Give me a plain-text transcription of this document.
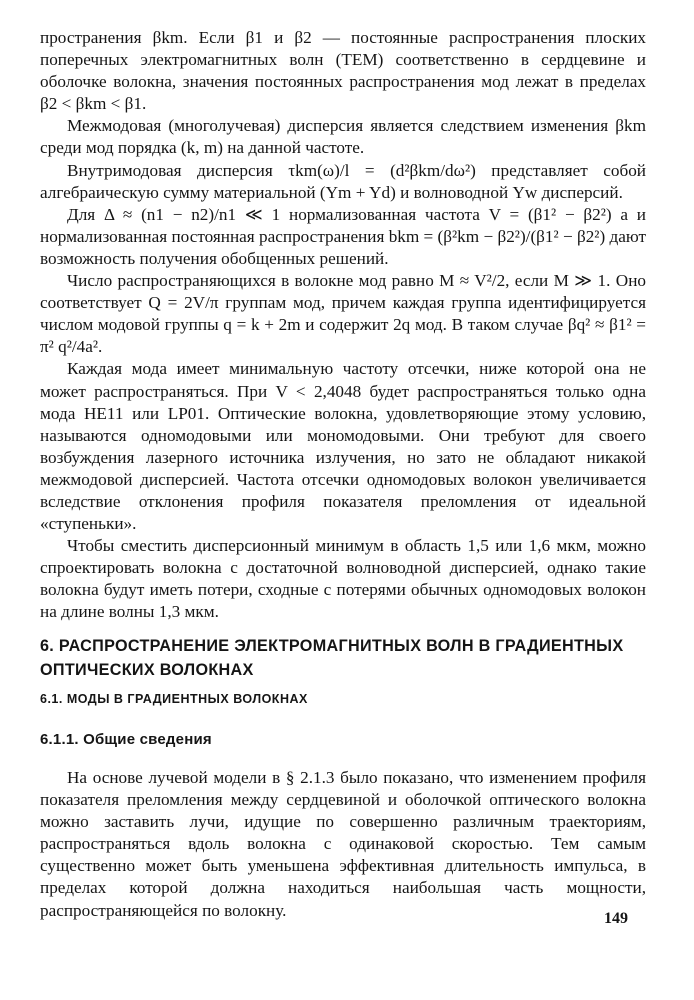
пространения βkm. Если β1 и β2 — постоянные распространения плоских поперечных электромагнитных волн (TEM) соответственно в сердцевине и оболочке волокна, значения постоянных распространения мод лежат в пределах β2 < βkm < β1.

Межмодовая (многолучевая) дисперсия является следствием изменения βkm среди мод порядка (k, m) на данной частоте.

Внутримодовая дисперсия τkm(ω)/l = (d²βkm/dω²) представляет собой алгебраическую сумму материальной (Ym + Yd) и волноводной Yw дисперсий.

Для Δ ≈ (n1 − n2)/n1 ≪ 1 нормализованная частота V = (β1² − β2²) a и нормализованная постоянная распространения bkm = (β²km − β2²)/(β1² − β2²) дают возможность получения обобщенных решений.

Число распространяющихся в волокне мод равно M ≈ V²/2, если M ≫ 1. Оно соответствует Q = 2V/π группам мод, причем каждая группа идентифицируется числом модовой группы q = k + 2m и содержит 2q мод. В таком случае βq² ≈ β1² = π² q²/4a².

Каждая мода имеет минимальную частоту отсечки, ниже которой она не может распространяться. При V < 2,4048 будет распространяться только одна мода HE11 или LP01. Оптические волокна, удовлетворяющие этому условию, называются одномодовыми или мономодовыми. Они требуют для своего возбуждения лазерного источника излучения, но зато не обладают никакой межмодовой дисперсией. Частота отсечки одномодовых волокон увеличивается вследствие отклонения профиля показателя преломления от идеальной «ступеньки».

Чтобы сместить дисперсионный минимум в область 1,5 или 1,6 мкм, можно спроектировать волокна с достаточной волноводной дисперсией, однако такие волокна будут иметь потери, сходные с потерями обычных одномодовых волокон на длине волны 1,3 мкм.

6. РАСПРОСТРАНЕНИЕ ЭЛЕКТРОМАГНИТНЫХ ВОЛН В ГРАДИЕНТНЫХ ОПТИЧЕСКИХ ВОЛОКНАХ
6.1. МОДЫ В ГРАДИЕНТНЫХ ВОЛОКНАХ
6.1.1. Общие сведения

На основе лучевой модели в § 2.1.3 было показано, что изменением профиля показателя преломления между сердцевиной и оболочкой оптического волокна можно заставить лучи, идущие по совершенно различным траекториям, распространяться вдоль волокна с одинаковой скоростью. Тем самым существенно может быть уменьшена эффективная длительность импульса, в пределах которой должна находиться наибольшая часть мощности, распространяющейся по волокну.	149
